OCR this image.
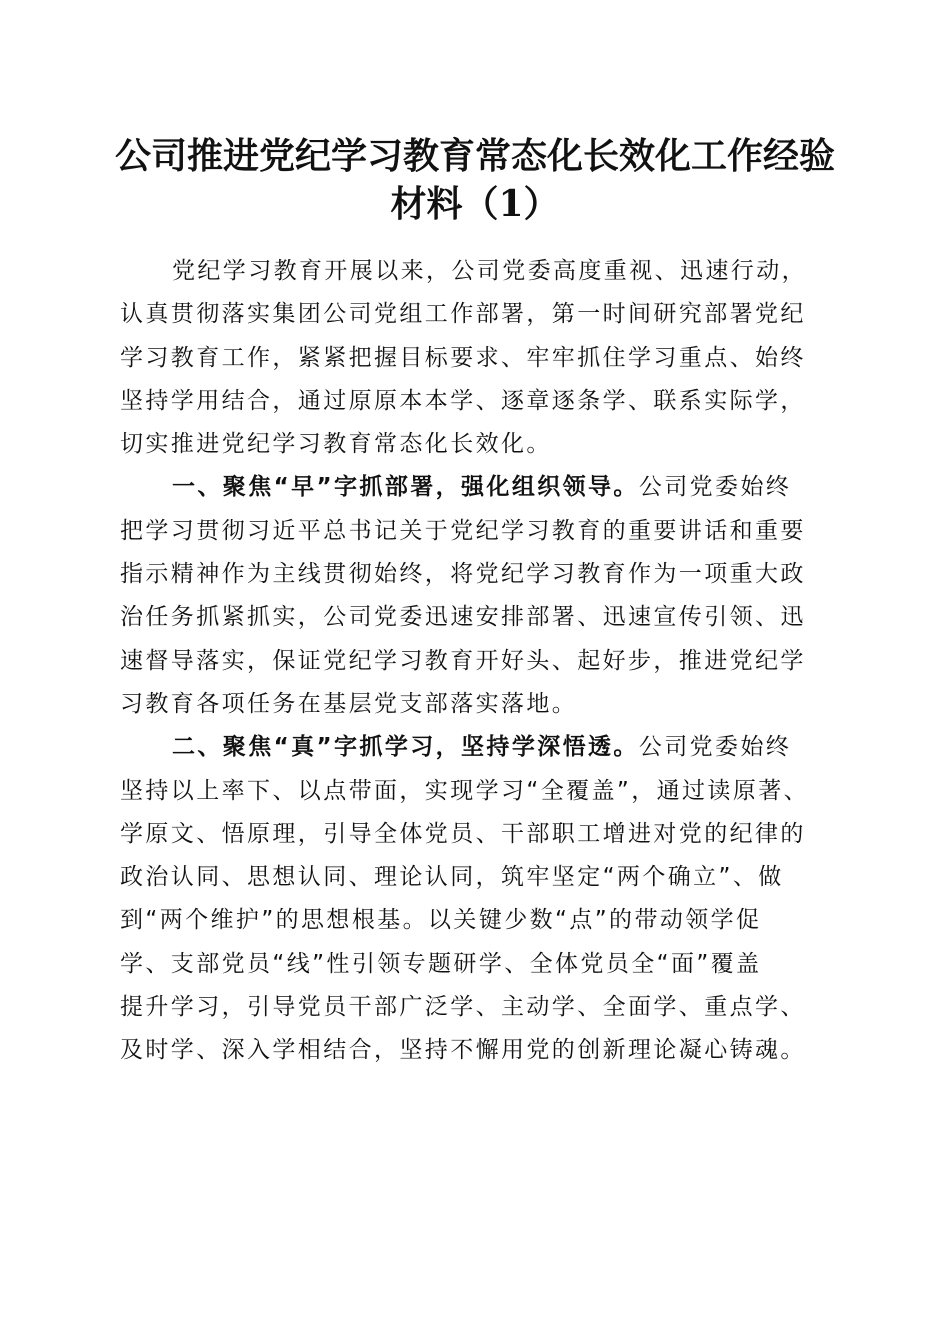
公司推进党纪学习教育常态化长效化工作经验
材料（1）
党纪学习教育开展以来，公司党委高度重视、迅速行动，
认真贯彻落实集团公司党组工作部署，第一时间研究部署党纪
学习教育工作，紧紧把握目标要求、牢牢抓住学习重点、始终
坚持学用结合，通过原原本本学、逐章逐条学、联系实际学，
切实推进党纪学习教育常态化长效化。
一、聚焦“早”字抓部署，强化组织领导。公司党委始终
把学习贯彻习近平总书记关于党纪学习教育的重要讲话和重要
指示精神作为主线贯彻始终，将党纪学习教育作为一项重大政
治任务抓紧抓实，公司党委迅速安排部署、迅速宣传引领、迅
速督导落实，保证党纪学习教育开好头、起好步，推进党纪学
习教育各项任务在基层党支部落实落地。
二、聚焦“真”字抓学习，坚持学深悟透。公司党委始终
坚持以上率下、以点带面，实现学习“全覆盖”，通过读原著、
学原文、悟原理，引导全体党员、干部职工增进对党的纪律的
政治认同、思想认同、理论认同，筑牢坚定“两个确立”、做
到“两个维护”的思想根基。以关键少数“点”的带动领学促
学、支部党员“线”性引领专题研学、全体党员全“面”覆盖
提升学习，引导党员干部广泛学、主动学、全面学、重点学、
及时学、深入学相结合，坚持不懈用党的创新理论凝心铸魂。
